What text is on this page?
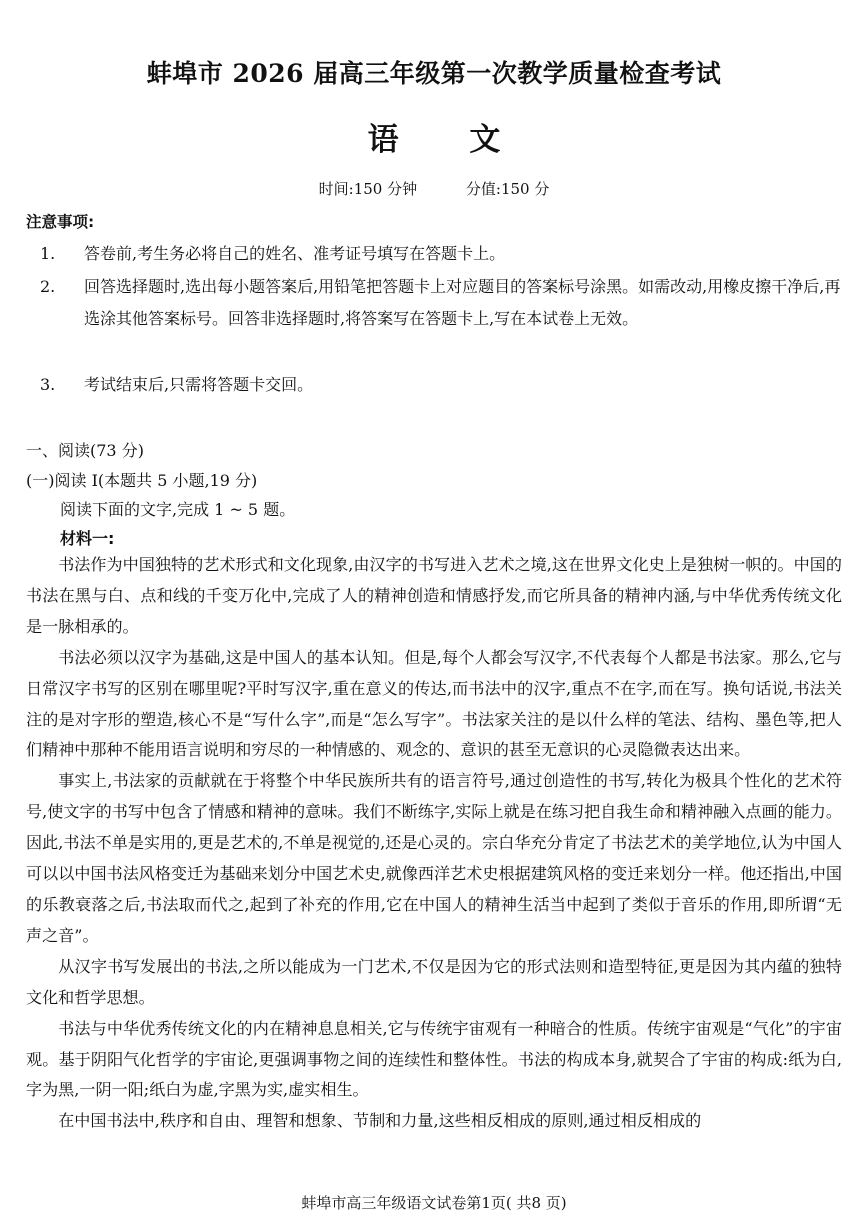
蚌埠市 2026 届高三年级第一次教学质量检查考试
语 文
时间:150 分钟	分值:150 分
注意事项:
1. 答卷前,考生务必将自己的姓名、准考证号填写在答题卡上。
2. 回答选择题时,选出每小题答案后,用铅笔把答题卡上对应题目的答案标号涂黑。如需改动,用橡皮擦干净后,再选涂其他答案标号。回答非选择题时,将答案写在答题卡上,写在本试卷上无效。
3. 考试结束后,只需将答题卡交回。
一、阅读(73 分)
(一)阅读 I(本题共 5 小题,19 分)
阅读下面的文字,完成 1 ~ 5 题。
材料一:

书法作为中国独特的艺术形式和文化现象,由汉字的书写进入艺术之境,这在世界文化史上是独树一帜的。中国的书法在黑与白、点和线的千变万化中,完成了人的精神创造和情感抒发,而它所具备的精神内涵,与中华优秀传统文化是一脉相承的。

书法必须以汉字为基础,这是中国人的基本认知。但是,每个人都会写汉字,不代表每个人都是书法家。那么,它与日常汉字书写的区别在哪里呢?平时写汉字,重在意义的传达,而书法中的汉字,重点不在字,而在写。换句话说,书法关注的是对字形的塑造,核心不是“写什么字”,而是“怎么写字”。书法家关注的是以什么样的笔法、结构、墨色等,把人们精神中那种不能用语言说明和穷尽的一种情感的、观念的、意识的甚至无意识的心灵隐微表达出来。

事实上,书法家的贡献就在于将整个中华民族所共有的语言符号,通过创造性的书写,转化为极具个性化的艺术符号,使文字的书写中包含了情感和精神的意味。我们不断练字,实际上就是在练习把自我生命和精神融入点画的能力。因此,书法不单是实用的,更是艺术的,不单是视觉的,还是心灵的。宗白华充分肯定了书法艺术的美学地位,认为中国人可以以中国书法风格变迁为基础来划分中国艺术史,就像西洋艺术史根据建筑风格的变迁来划分一样。他还指出,中国的乐教衰落之后,书法取而代之,起到了补充的作用,它在中国人的精神生活当中起到了类似于音乐的作用,即所谓“无声之音”。

从汉字书写发展出的书法,之所以能成为一门艺术,不仅是因为它的形式法则和造型特征,更是因为其内蕴的独特文化和哲学思想。

书法与中华优秀传统文化的内在精神息息相关,它与传统宇宙观有一种暗合的性质。传统宇宙观是“气化”的宇宙观。基于阴阳气化哲学的宇宙论,更强调事物之间的连续性和整体性。书法的构成本身,就契合了宇宙的构成:纸为白,字为黑,一阴一阳;纸白为虚,字黑为实,虚实相生。

在中国书法中,秩序和自由、理智和想象、节制和力量,这些相反相成的原则,通过相反相成的

蚌埠市高三年级语文试卷第1页( 共8 页)
